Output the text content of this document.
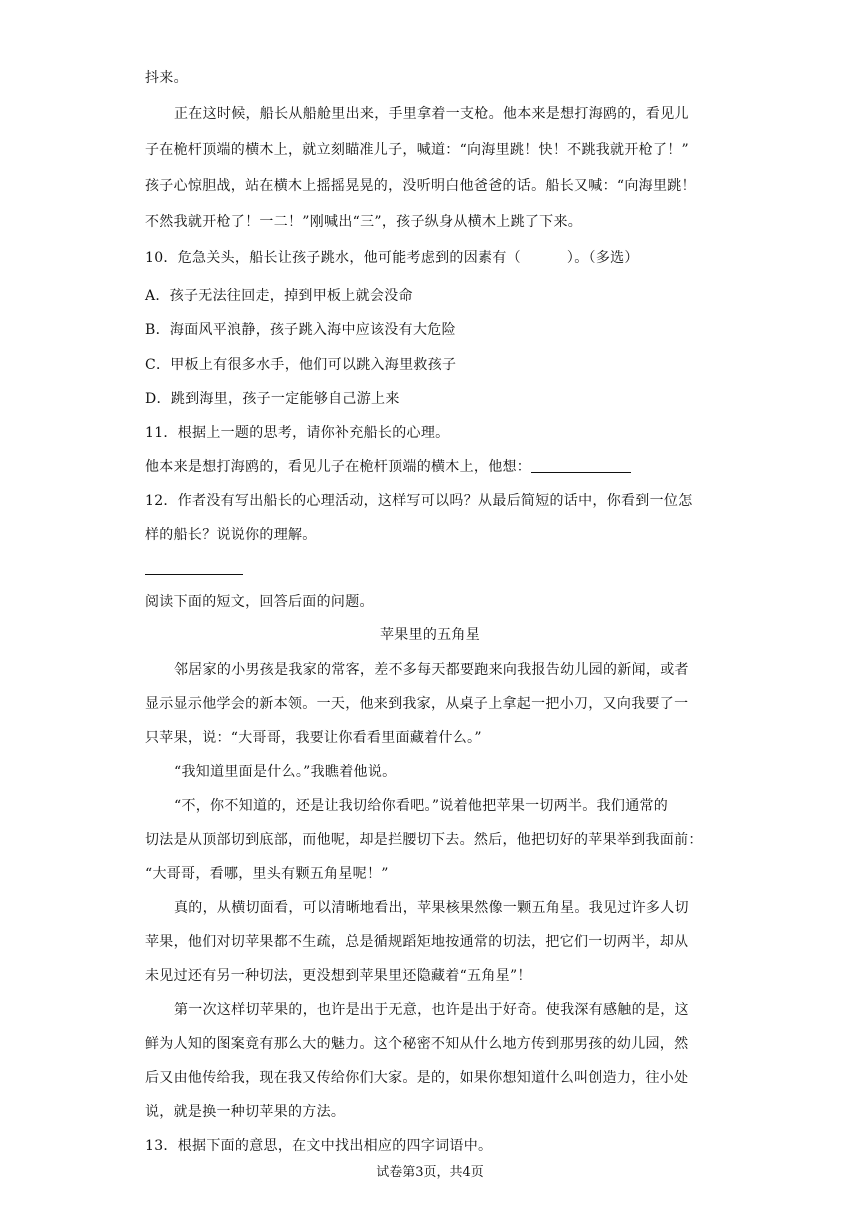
抖来。
正在这时候，船长从船舱里出来，手里拿着一支枪。他本来是想打海鸥的，看见儿
子在桅杆顶端的横木上，就立刻瞄准儿子，喊道：“向海里跳！快！不跳我就开枪了！”
孩子心惊胆战，站在横木上摇摇晃晃的，没听明白他爸爸的话。船长又喊：“向海里跳！
不然我就开枪了！一二！”刚喊出“三”，孩子纵身从横木上跳了下来。
10．危急关头，船长让孩子跳水，他可能考虑到的因素有（	）。（多选）
A．孩子无法往回走，掉到甲板上就会没命
B．海面风平浪静，孩子跳入海中应该没有大危险
C．甲板上有很多水手，他们可以跳入海里救孩子
D．跳到海里，孩子一定能够自己游上来
11．根据上一题的思考，请你补充船长的心理。
他本来是想打海鸥的，看见儿子在桅杆顶端的横木上，他想：
12．作者没有写出船长的心理活动，这样写可以吗？从最后简短的话中，你看到一位怎
样的船长？说说你的理解。
阅读下面的短文，回答后面的问题。
苹果里的五角星
邻居家的小男孩是我家的常客，差不多每天都要跑来向我报告幼儿园的新闻，或者
显示显示他学会的新本领。一天，他来到我家，从桌子上拿起一把小刀，又向我要了一
只苹果，说：“大哥哥，我要让你看看里面藏着什么。”
“我知道里面是什么。”我瞧着他说。
“不，你不知道的，还是让我切给你看吧。”说着他把苹果一切两半。我们通常的
切法是从顶部切到底部，而他呢，却是拦腰切下去。然后，他把切好的苹果举到我面前：
“大哥哥，看哪，里头有颗五角星呢！”
真的，从横切面看，可以清晰地看出，苹果核果然像一颗五角星。我见过许多人切
苹果，他们对切苹果都不生疏，总是循规蹈矩地按通常的切法，把它们一切两半，却从
未见过还有另一种切法，更没想到苹果里还隐藏着“五角星”！
第一次这样切苹果的，也许是出于无意，也许是出于好奇。使我深有感触的是，这
鲜为人知的图案竟有那么大的魅力。这个秘密不知从什么地方传到那男孩的幼儿园，然
后又由他传给我，现在我又传给你们大家。是的，如果你想知道什么叫创造力，往小处
说，就是换一种切苹果的方法。
13．根据下面的意思，在文中找出相应的四字词语中。
试卷第3页，共4页
